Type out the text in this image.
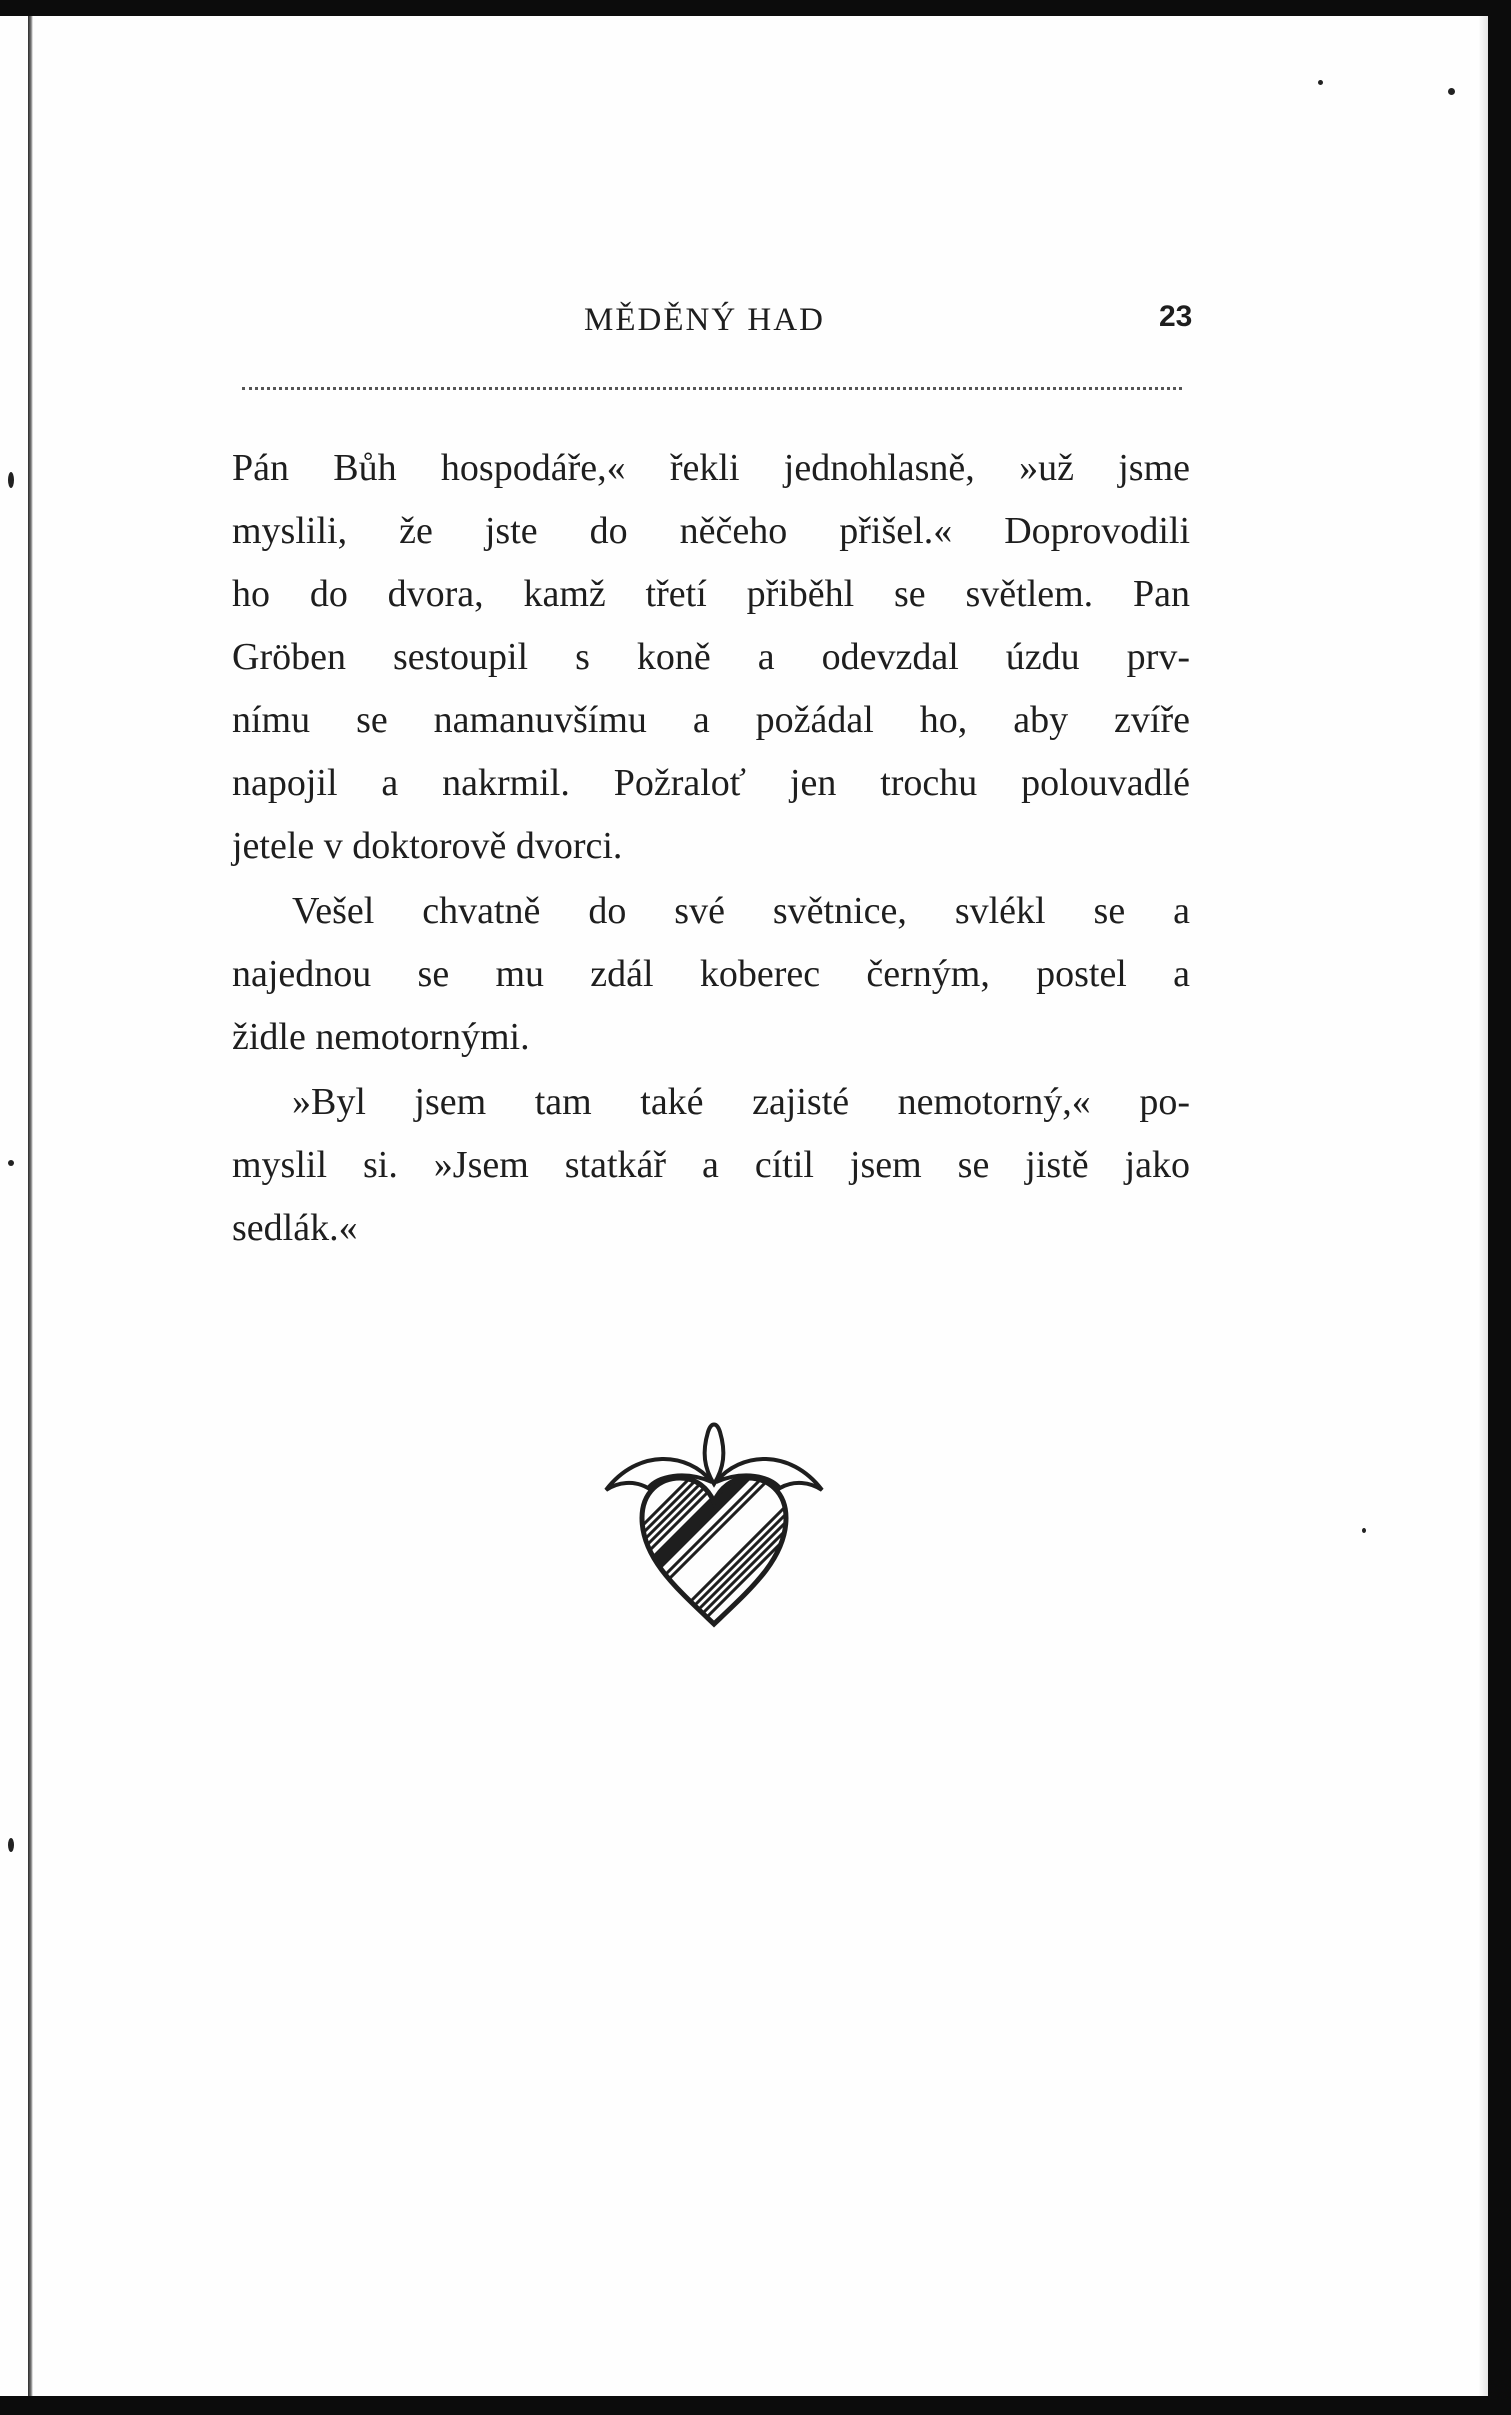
MĚDĚNÝ HAD	23
Pán Bůh hospodáře,« řekli jednohlasně, »už jsme
myslili, že jste do něčeho přišel.« Doprovodili
ho do dvora, kamž třetí přiběhl se světlem. Pan
Gröben sestoupil s koně a odevzdal úzdu prv-
nímu se namanuvšímu a požádal ho, aby zvíře
napojil a nakrmil. Požraloť jen trochu polouvadlé
jetele v doktorově dvorci.
Vešel chvatně do své světnice, svlékl se a
najednou se mu zdál koberec černým, postel a
židle nemotornými.
»Byl jsem tam také zajisté nemotorný,« po-
myslil si. »Jsem statkář a cítil jsem se jistě jako
sedlák.«
